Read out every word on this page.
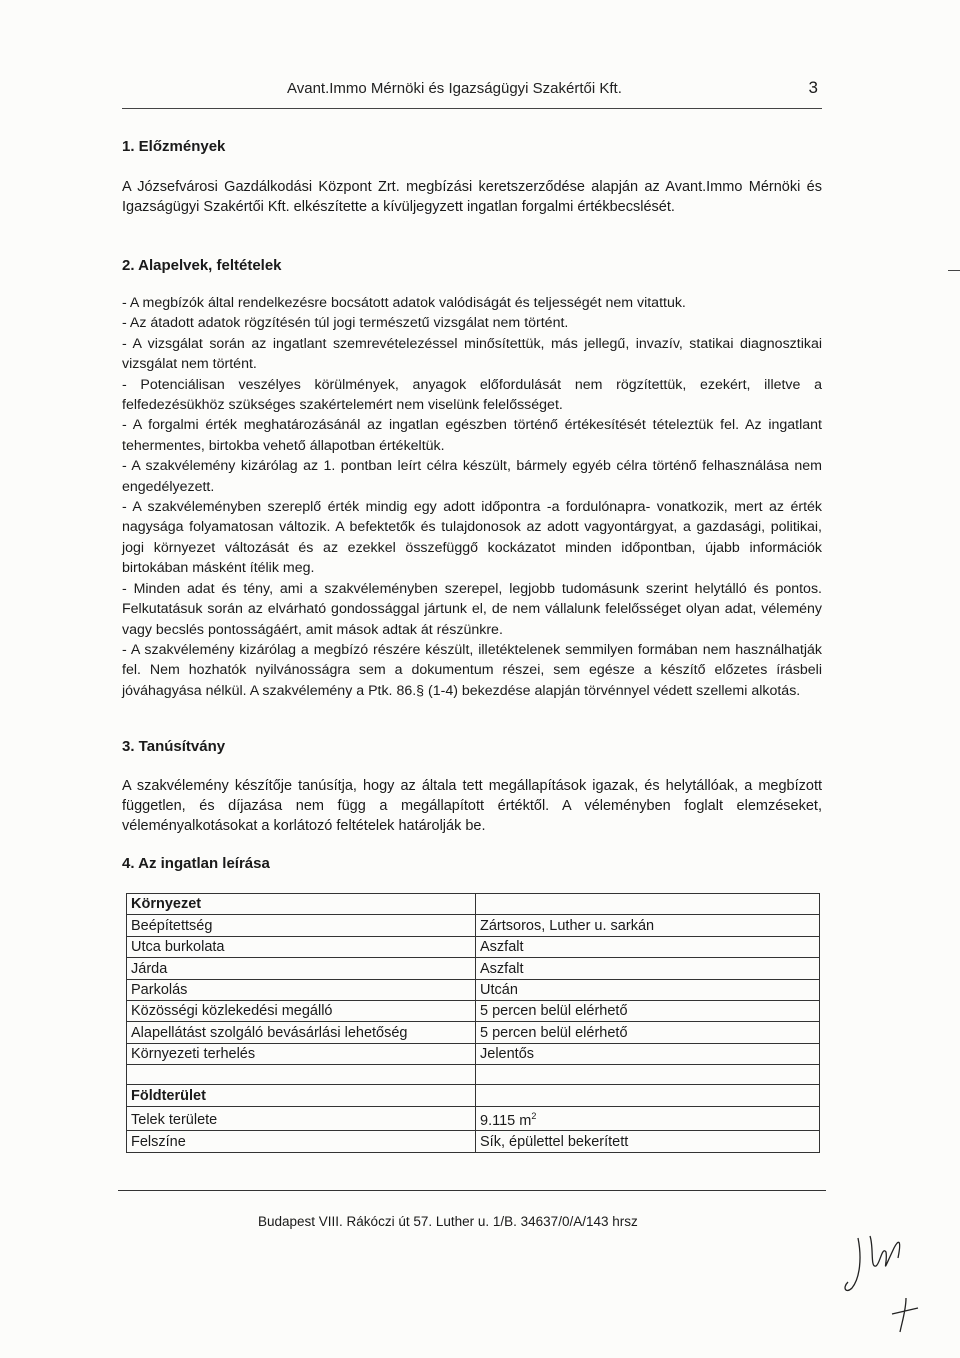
Avant.Immo Mérnöki és Igazságügyi Szakértői Kft.	3
1. Előzmények

A Józsefvárosi Gazdálkodási Központ Zrt. megbízási keretszerződése alapján az Avant.Immo Mérnöki és Igazságügyi Szakértői Kft. elkészítette a kívüljegyzett ingatlan forgalmi értékbecslését.

2. Alapelvek, feltételek

- A megbízók által rendelkezésre bocsátott adatok valódiságát és teljességét nem vitattuk.

- Az átadott adatok rögzítésén túl jogi természetű vizsgálat nem történt.

- A vizsgálat során az ingatlant szemrevételezéssel minősítettük, más jellegű, invazív, statikai diagnosztikai vizsgálat nem történt.

- Potenciálisan veszélyes körülmények, anyagok előfordulását nem rögzítettük, ezekért, illetve a felfedezésükhöz szükséges szakértelemért nem viselünk felelősséget.

- A forgalmi érték meghatározásánál az ingatlan egészben történő értékesítését tételeztük fel. Az ingatlant tehermentes, birtokba vehető állapotban értékeltük.

- A szakvélemény kizárólag az 1. pontban leírt célra készült, bármely egyéb célra történő felhasználása nem engedélyezett.

- A szakvéleményben szereplő érték mindig egy adott időpontra -a fordulónapra- vonatkozik, mert az érték nagysága folyamatosan változik. A befektetők és tulajdonosok az adott vagyontárgyat, a gazdasági, politikai, jogi környezet változását és az ezekkel összefüggő kockázatot minden időpontban, újabb információk birtokában másként ítélik meg.

- Minden adat és tény, ami a szakvéleményben szerepel, legjobb tudomásunk szerint helytálló és pontos. Felkutatásuk során az elvárható gondossággal jártunk el, de nem vállalunk felelősséget olyan adat, vélemény vagy becslés pontosságáért, amit mások adtak át részünkre.

- A szakvélemény kizárólag a megbízó részére készült, illetéktelenek semmilyen formában nem használhatják fel. Nem hozhatók nyilvánosságra sem a dokumentum részei, sem egésze a készítő előzetes írásbeli jóváhagyása nélkül. A szakvélemény a Ptk. 86.§ (1-4) bekezdése alapján törvénnyel védett szellemi alkotás.

3. Tanúsítvány

A szakvélemény készítője tanúsítja, hogy az általa tett megállapítások igazak, és helytállóak, a megbízott független, és díjazása nem függ a megállapított értéktől. A véleményben foglalt elemzéseket, véleményalkotásokat a korlátozó feltételek határolják be.

4. Az ingatlan leírása
Környezet	
Beépítettség	Zártsoros, Luther u. sarkán
Utca burkolata	Aszfalt
Járda	Aszfalt
Parkolás	Utcán
Közösségi közlekedési megálló	5 percen belül elérhető
Alapellátást szolgáló bevásárlási lehetőség	5 percen belül elérhető
Környezeti terhelés	Jelentős

Földterület	
Telek területe	9.115 $m^2$
Felszíne	Sík, épülettel bekerített
Budapest VIII. Rákóczi út 57. Luther u. 1/B. 34637/0/A/143 hrsz
